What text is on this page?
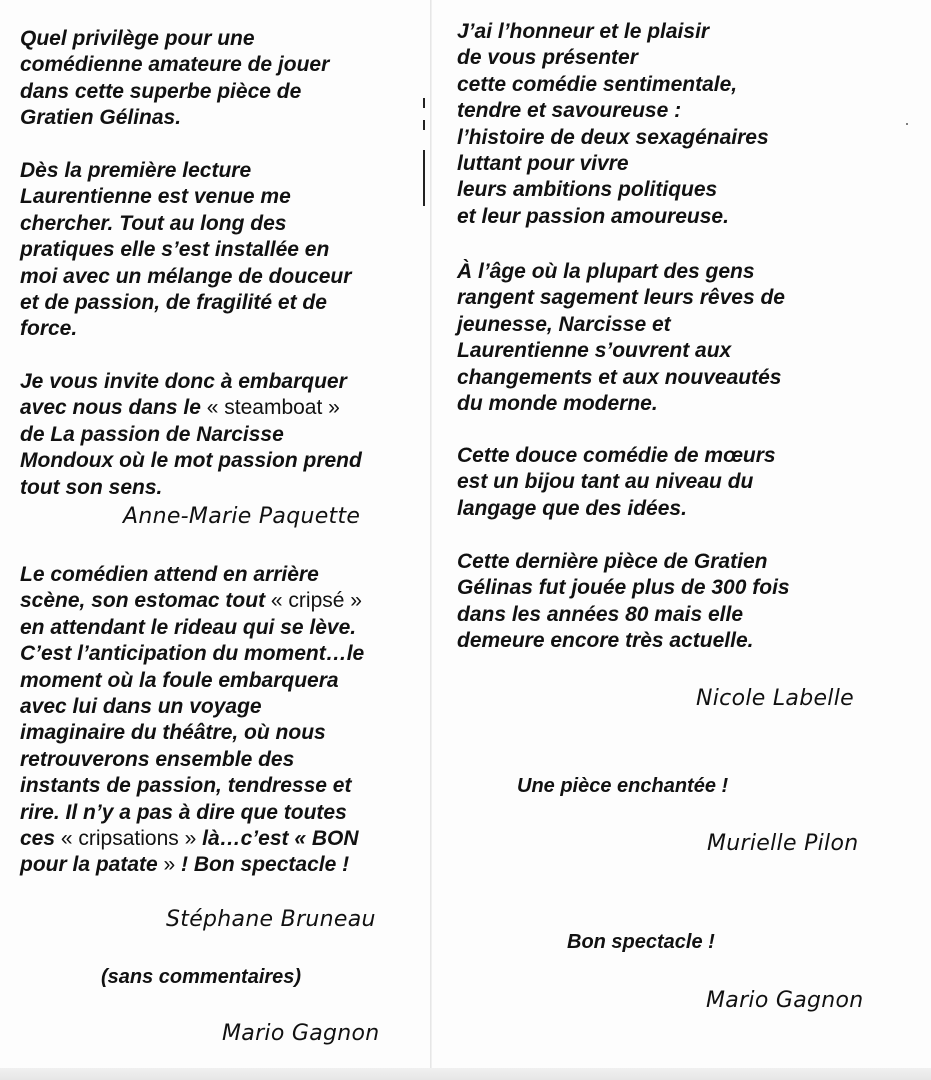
Quel privilège pour une
comédienne amateure de jouer
dans cette superbe pièce de
Gratien Gélinas.

Dès la première lecture
Laurentienne est venue me
chercher. Tout au long des
pratiques elle s’est installée en
moi avec un mélange de douceur
et de passion, de fragilité et de
force.

Je vous invite donc à embarquer
avec nous dans le « steamboat »
de La passion de Narcisse
Mondoux où le mot passion prend
tout son sens.

Anne-Marie Paquette

Le comédien attend en arrière
scène, son estomac tout « cripsé »
en attendant le rideau qui se lève.
C’est l’anticipation du moment…le
moment où la foule embarquera
avec lui dans un voyage
imaginaire du théâtre, où nous
retrouverons ensemble des
instants de passion, tendresse et
rire. Il n’y a pas à dire que toutes
ces « cripsations » là…c’est « BON
pour la patate » ! Bon spectacle !

Stéphane Bruneau
(sans commentaires)
Mario Gagnon

J’ai l’honneur et le plaisir
de vous présenter
cette comédie sentimentale,
tendre et savoureuse :
l’histoire de deux sexagénaires
luttant pour vivre
leurs ambitions politiques
et leur passion amoureuse.

À l’âge où la plupart des gens
rangent sagement leurs rêves de
jeunesse, Narcisse et
Laurentienne s’ouvrent aux
changements et aux nouveautés
du monde moderne.

Cette douce comédie de mœurs
est un bijou tant au niveau du
langage que des idées.

Cette dernière pièce de Gratien
Gélinas fut jouée plus de 300 fois
dans les années 80 mais elle
demeure encore très actuelle.

Nicole Labelle
Une pièce enchantée !
Murielle Pilon
Bon spectacle !
Mario Gagnon
